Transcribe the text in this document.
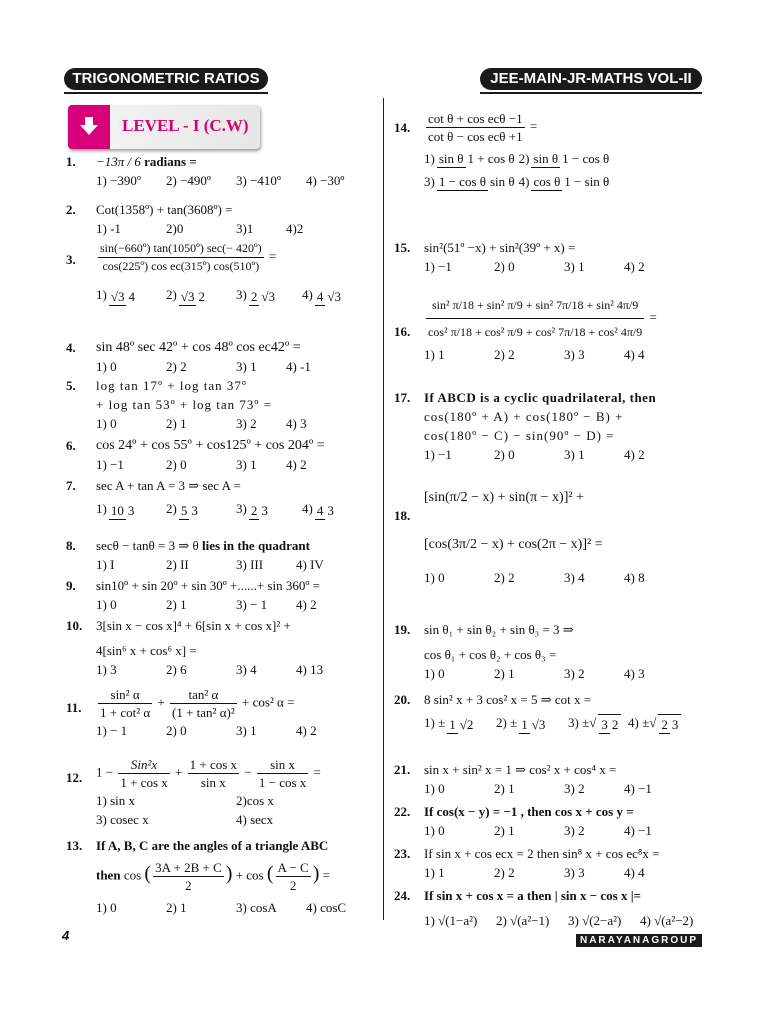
TRIGONOMETRIC RATIOS	JEE-MAIN-JR-MATHS VOL-II
LEVEL - I (C.W)
1. −13π / 6 radians =
1) −390º	2) −490º	3) −410º	4) −30º
2. Cot(1358º) + tan(3608º) =
1) -1	2)0	3)1	4)2
3. $\frac{\text{sin(−660º) tan(1050º) sec(− 420º)}}{\text{cos(225º) cos ec(315º) cos(510º)}}$ =
1) √3 4	2) √3 2	3) 2 √3	4) 4 √3
4. sin 48º sec 42º + cos 48º cos ec42º =
1) 0	2) 2	3) 1	4) -1
5. log tan 17º + log tan 37º
+ log tan 53º + log tan 73º =
1) 0	2) 1	3) 2	4) 3
6. cos 24º + cos 55º + cos125º + cos 204º =
1) −1	2) 0	3) 1	4) 2
7. sec A + tan A = 3 ⇒ sec A =
1) 10 3	2) 5 3	3) 2 3	4) 4 3
8. secθ − tanθ = 3 ⇒ θ lies in the quadrant
1) I	2) II	3) III	4) IV
9. sin10º + sin 20º + sin 30º +......+ sin 360º =
1) 0	2) 1	3) − 1	4) 2
10. 3[sin x − cos x]⁴ + 6[sin x + cos x]² +
4[sin⁶ x + cos⁶ x] =
1) 3	2) 6	3) 4	4) 13
11. $\frac{\text{sin² α}}{\text{1 + cot² α}} + \frac{\text{tan² α}}{\text{(1 + tan² α)²}} + \cos^2$ α =
1) − 1	2) 0	3) 1	4) 2
12. $1 - \frac{\text{Sin²x}}{\text{1 + cos x}} + \frac{\text{1 + cos x}}{\text{sin x}} - \frac{\text{sin x}}{\text{1 − cos x}}$ =
1) sin x	2)cos x
3) cosec x	4) secx
13. If A, B, C are the angles of a triangle ABC
then cos ( $\frac{3A + 2B + C}{2}$ ) + cos ( $\frac{A - C}{2}$ ) =
1) 0	2) 1	3) cosA	4) cosC
14. $\frac{\text{cot θ + cos ecθ −1}}{\text{cot θ − cos ecθ +1}}$ =
1) sin θ 1 + cos θ 2) sin θ 1 − cos θ
3) 1 − cos θ sin θ 4) cos θ 1 − sin θ
15. sin²(51º −x) + sin²(39º + x) =
1) −1	2) 0	3) 1	4) 2
16. $\frac{\text{sin² π/18 + sin² π/9 + sin² 7π/18 + sin² 4π/9}}{\text{cos² π/18 + cos² π/9 + cos² 7π/18 + cos² 4π/9}}$ =
1) 1	2) 2	3) 3	4) 4
17. If ABCD is a cyclic quadrilateral, then
cos(180º + A) + cos(180º − B) +
cos(180º − C) − sin(90º − D) =
1) −1	2) 0	3) 1	4) 2
18.
[sin(π/2 − x) + sin(π − x)]² +
[cos(3π/2 − x) + cos(2π − x)]² =
1) 0	2) 2	3) 4	4) 8
19. sin θ₁ + sin θ₂ + sin θ₃ = 3 ⇒
cos θ₁ + cos θ₂ + cos θ₃ =
1) 0	2) 1	3) 2	4) 3
20. 8 sin² x + 3 cos² x = 5 ⇒ cot x =
1) ± 1 √2	2) ± 1 √3	3) ±√ 3 2 4) ±√ 2 3
21. sin x + sin² x = 1 ⇒ cos² x + cos⁴ x =
1) 0	2) 1	3) 2	4) −1
22. If cos(x − y) = −1 , then cos x + cos y =
1) 0	2) 1	3) 2	4) −1
23. If sin x + cos ecx = 2 then sin⁸ x + cos ec⁸x =
1) 1	2) 2	3) 3	4) 4
24. If sin x + cos x = a then | sin x − cos x |=
1) √(1−a²)	2) √(a²−1)	3) √(2−a²)	4) √(a²−2)
4	NARAYANAGROUP
